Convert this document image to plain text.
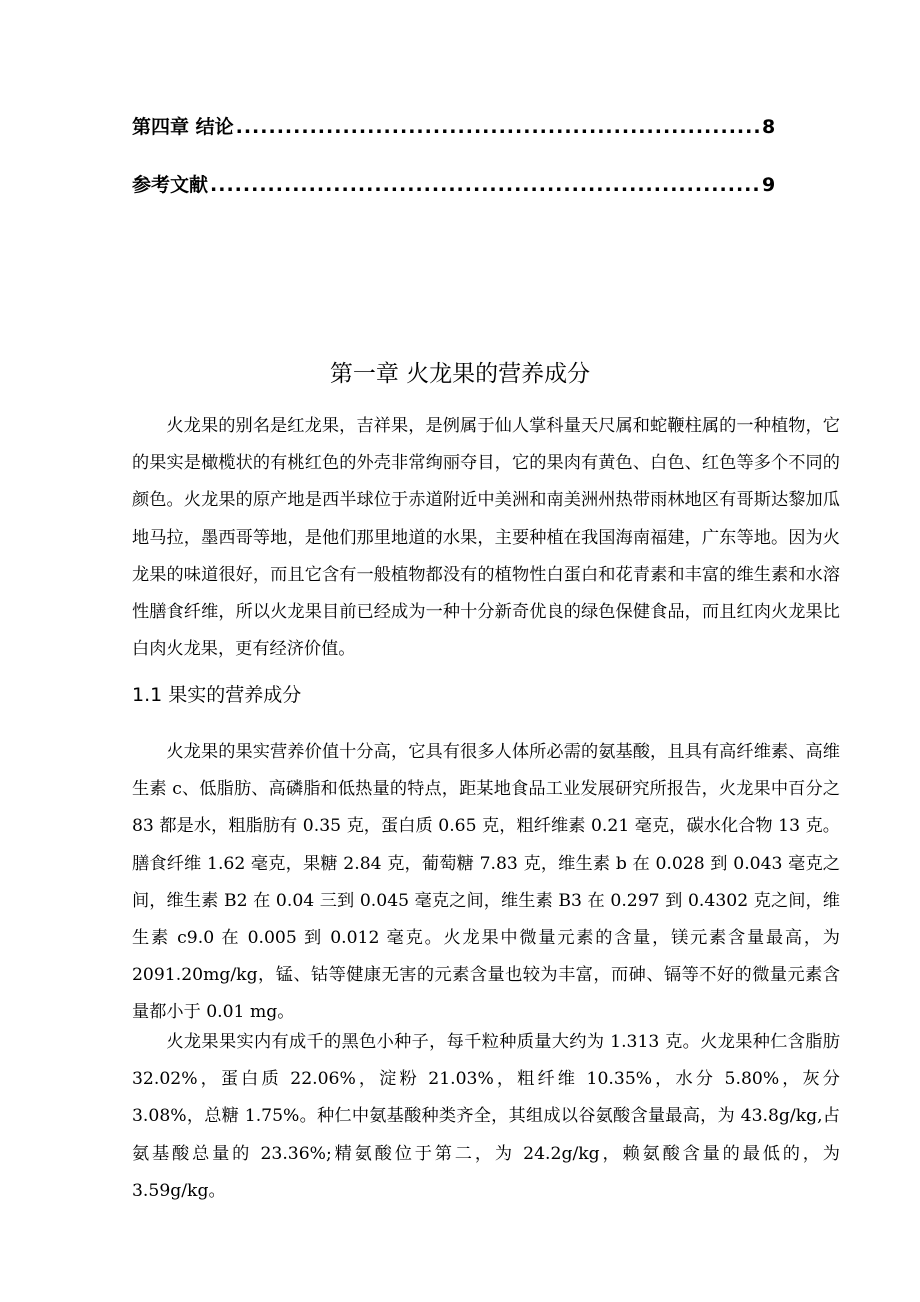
第四章 结论 .....	8
参考文献 .....	9
第一章 火龙果的营养成分

火龙果的别名是红龙果，吉祥果，是例属于仙人掌科量天尺属和蛇鞭柱属的一种植物，它的果实是橄榄状的有桃红色的外壳非常绚丽夺目，它的果肉有黄色、白色、红色等多个不同的颜色。火龙果的原产地是西半球位于赤道附近中美洲和南美洲州热带雨林地区有哥斯达黎加瓜地马拉，墨西哥等地，是他们那里地道的水果，主要种植在我国海南福建，广东等地。因为火龙果的味道很好，而且它含有一般植物都没有的植物性白蛋白和花青素和丰富的维生素和水溶性膳食纤维，所以火龙果目前已经成为一种十分新奇优良的绿色保健食品，而且红肉火龙果比白肉火龙果，更有经济价值。

1.1 果实的营养成分

火龙果的果实营养价值十分高，它具有很多人体所必需的氨基酸，且具有高纤维素、高维生素 c、低脂肪、高磷脂和低热量的特点，距某地食品工业发展研究所报告，火龙果中百分之 83 都是水，粗脂肪有 0.35 克，蛋白质 0.65 克，粗纤维素 0.21 毫克，碳水化合物 13 克。膳食纤维 1.62 毫克，果糖 2.84 克，葡萄糖 7.83 克，维生素 b 在 0.028 到 0.043 毫克之间，维生素 B2 在 0.04 三到 0.045 毫克之间，维生素 B3 在 0.297 到 0.4302 克之间，维生素 c9.0 在 0.005 到 0.012 毫克。火龙果中微量元素的含量，镁元素含量最高，为 2091.20mg/kg，锰、钴等健康无害的元素含量也较为丰富，而砷、镉等不好的微量元素含量都小于 0.01 mg。

火龙果果实内有成千的黑色小种子，每千粒种质量大约为 1.313 克。火龙果种仁含脂肪 32.02%，蛋白质 22.06%，淀粉 21.03%，粗纤维 10.35%，水分 5.80%，灰分 3.08%，总糖 1.75%。种仁中氨基酸种类齐全，其组成以谷氨酸含量最高，为 43.8g/kg,占氨基酸总量的 23.36%;精氨酸位于第二，为 24.2g/kg，赖氨酸含量的最低的，为 3.59g/kg。
